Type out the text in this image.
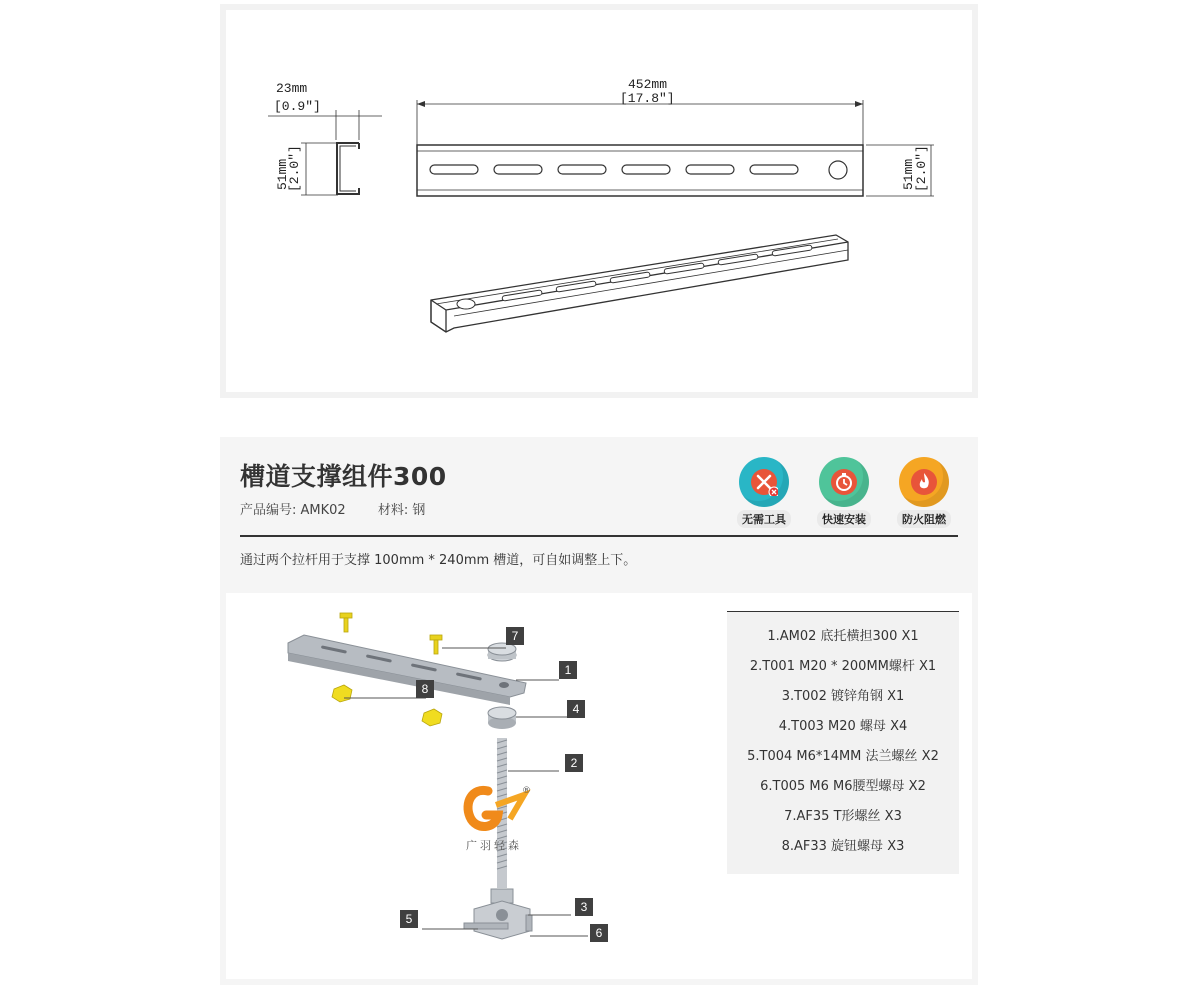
23mm
[0.9"]
51mm
[2.0"]
452mm
[17.8"]
51mm
[2.0"]
槽道支撑组件300
产品编号: AMK02 材料: 钢
无需工具	快速安装	防火阻燃
通过两个拉杆用于支撑 100mm * 240mm 槽道，可自如调整上下。
®
广羽轻森
7
1
8
4
2
3
5
6
1.AM02 底托横担300 X1
2.T001 M20 * 200MM螺杆 X1
3.T002 镀锌角钢 X1
4.T003 M20 螺母 X4
5.T004 M6*14MM 法兰螺丝 X2
6.T005 M6 M6腰型螺母 X2
7.AF35 T形螺丝 X3
8.AF33 旋钮螺母 X3
